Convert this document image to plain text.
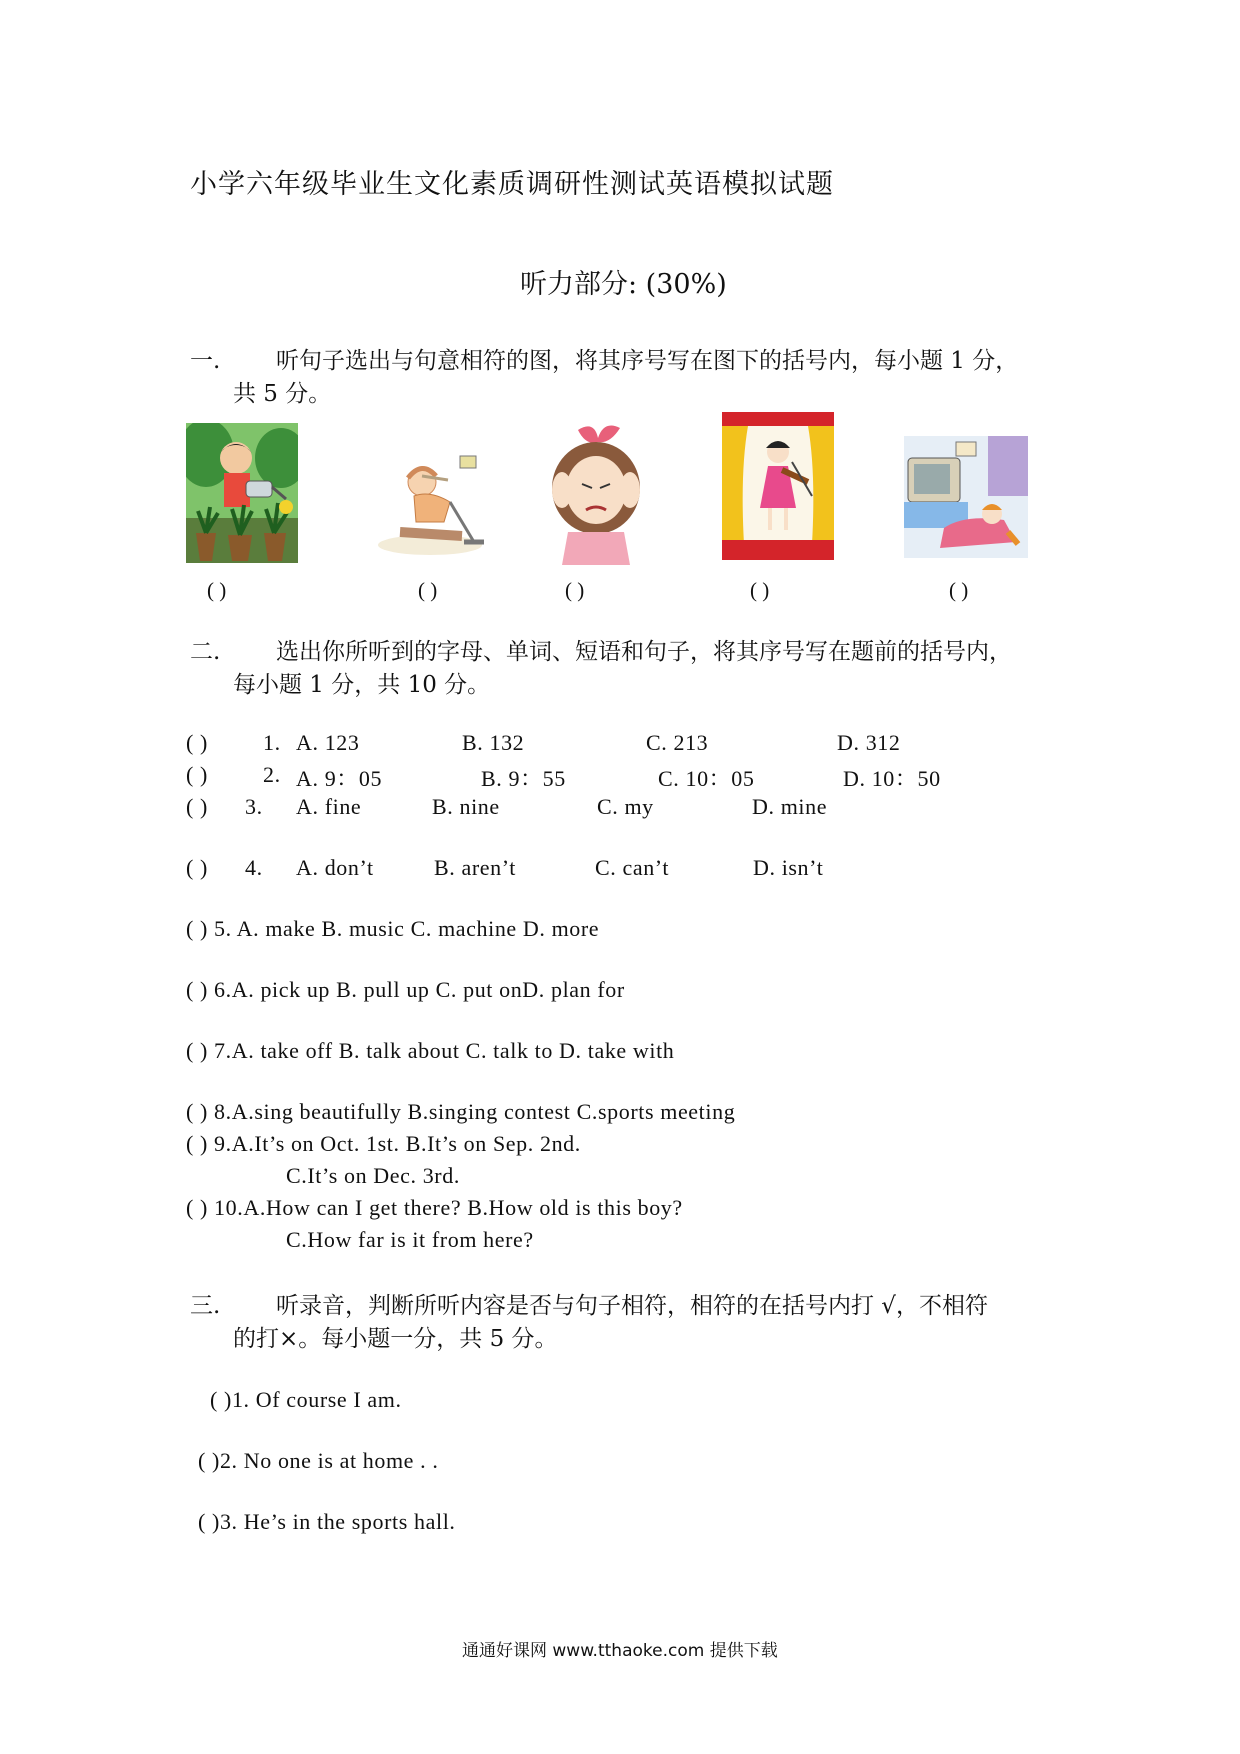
小学六年级毕业生文化素质调研性测试英语模拟试题
听力部分: (30%)
一. 听句子选出与句意相符的图，将其序号写在图下的括号内，每小题 1 分，
共 5 分。
( )	( )	( )	( )	( )
二. 选出你所听到的字母、单词、短语和句子，将其序号写在题前的括号内，
每小题 1 分，共 10 分。
( )	1. A. 123	B. 132	C. 213	D. 312
( )	2. A. 9：05	B. 9：55	C. 10：05	D. 10：50
( ) 3. A. fine	B. nine	C. my	D. mine
( ) 4. A. don’t	B. aren’t	C. can’t	D. isn’t
( ) 5. A. make B. music C. machine D. more
( ) 6.A. pick up B. pull up C. put onD. plan for
( ) 7.A. take off B. talk about C. talk to D. take with
( ) 8.A.sing beautifully B.singing contest C.sports meeting
( ) 9.A.It’s on Oct. 1st. B.It’s on Sep. 2nd.
C.It’s on Dec. 3rd.
( ) 10.A.How can I get there? B.How old is this boy?
C.How far is it from here?
三. 听录音，判断所听内容是否与句子相符，相符的在括号内打 √，不相符
的打×。每小题一分，共 5 分。
( )1. Of course I am.
( )2. No one is at home . .
( )3. He’s in the sports hall.
通通好课网 www.tthaoke.com 提供下载
